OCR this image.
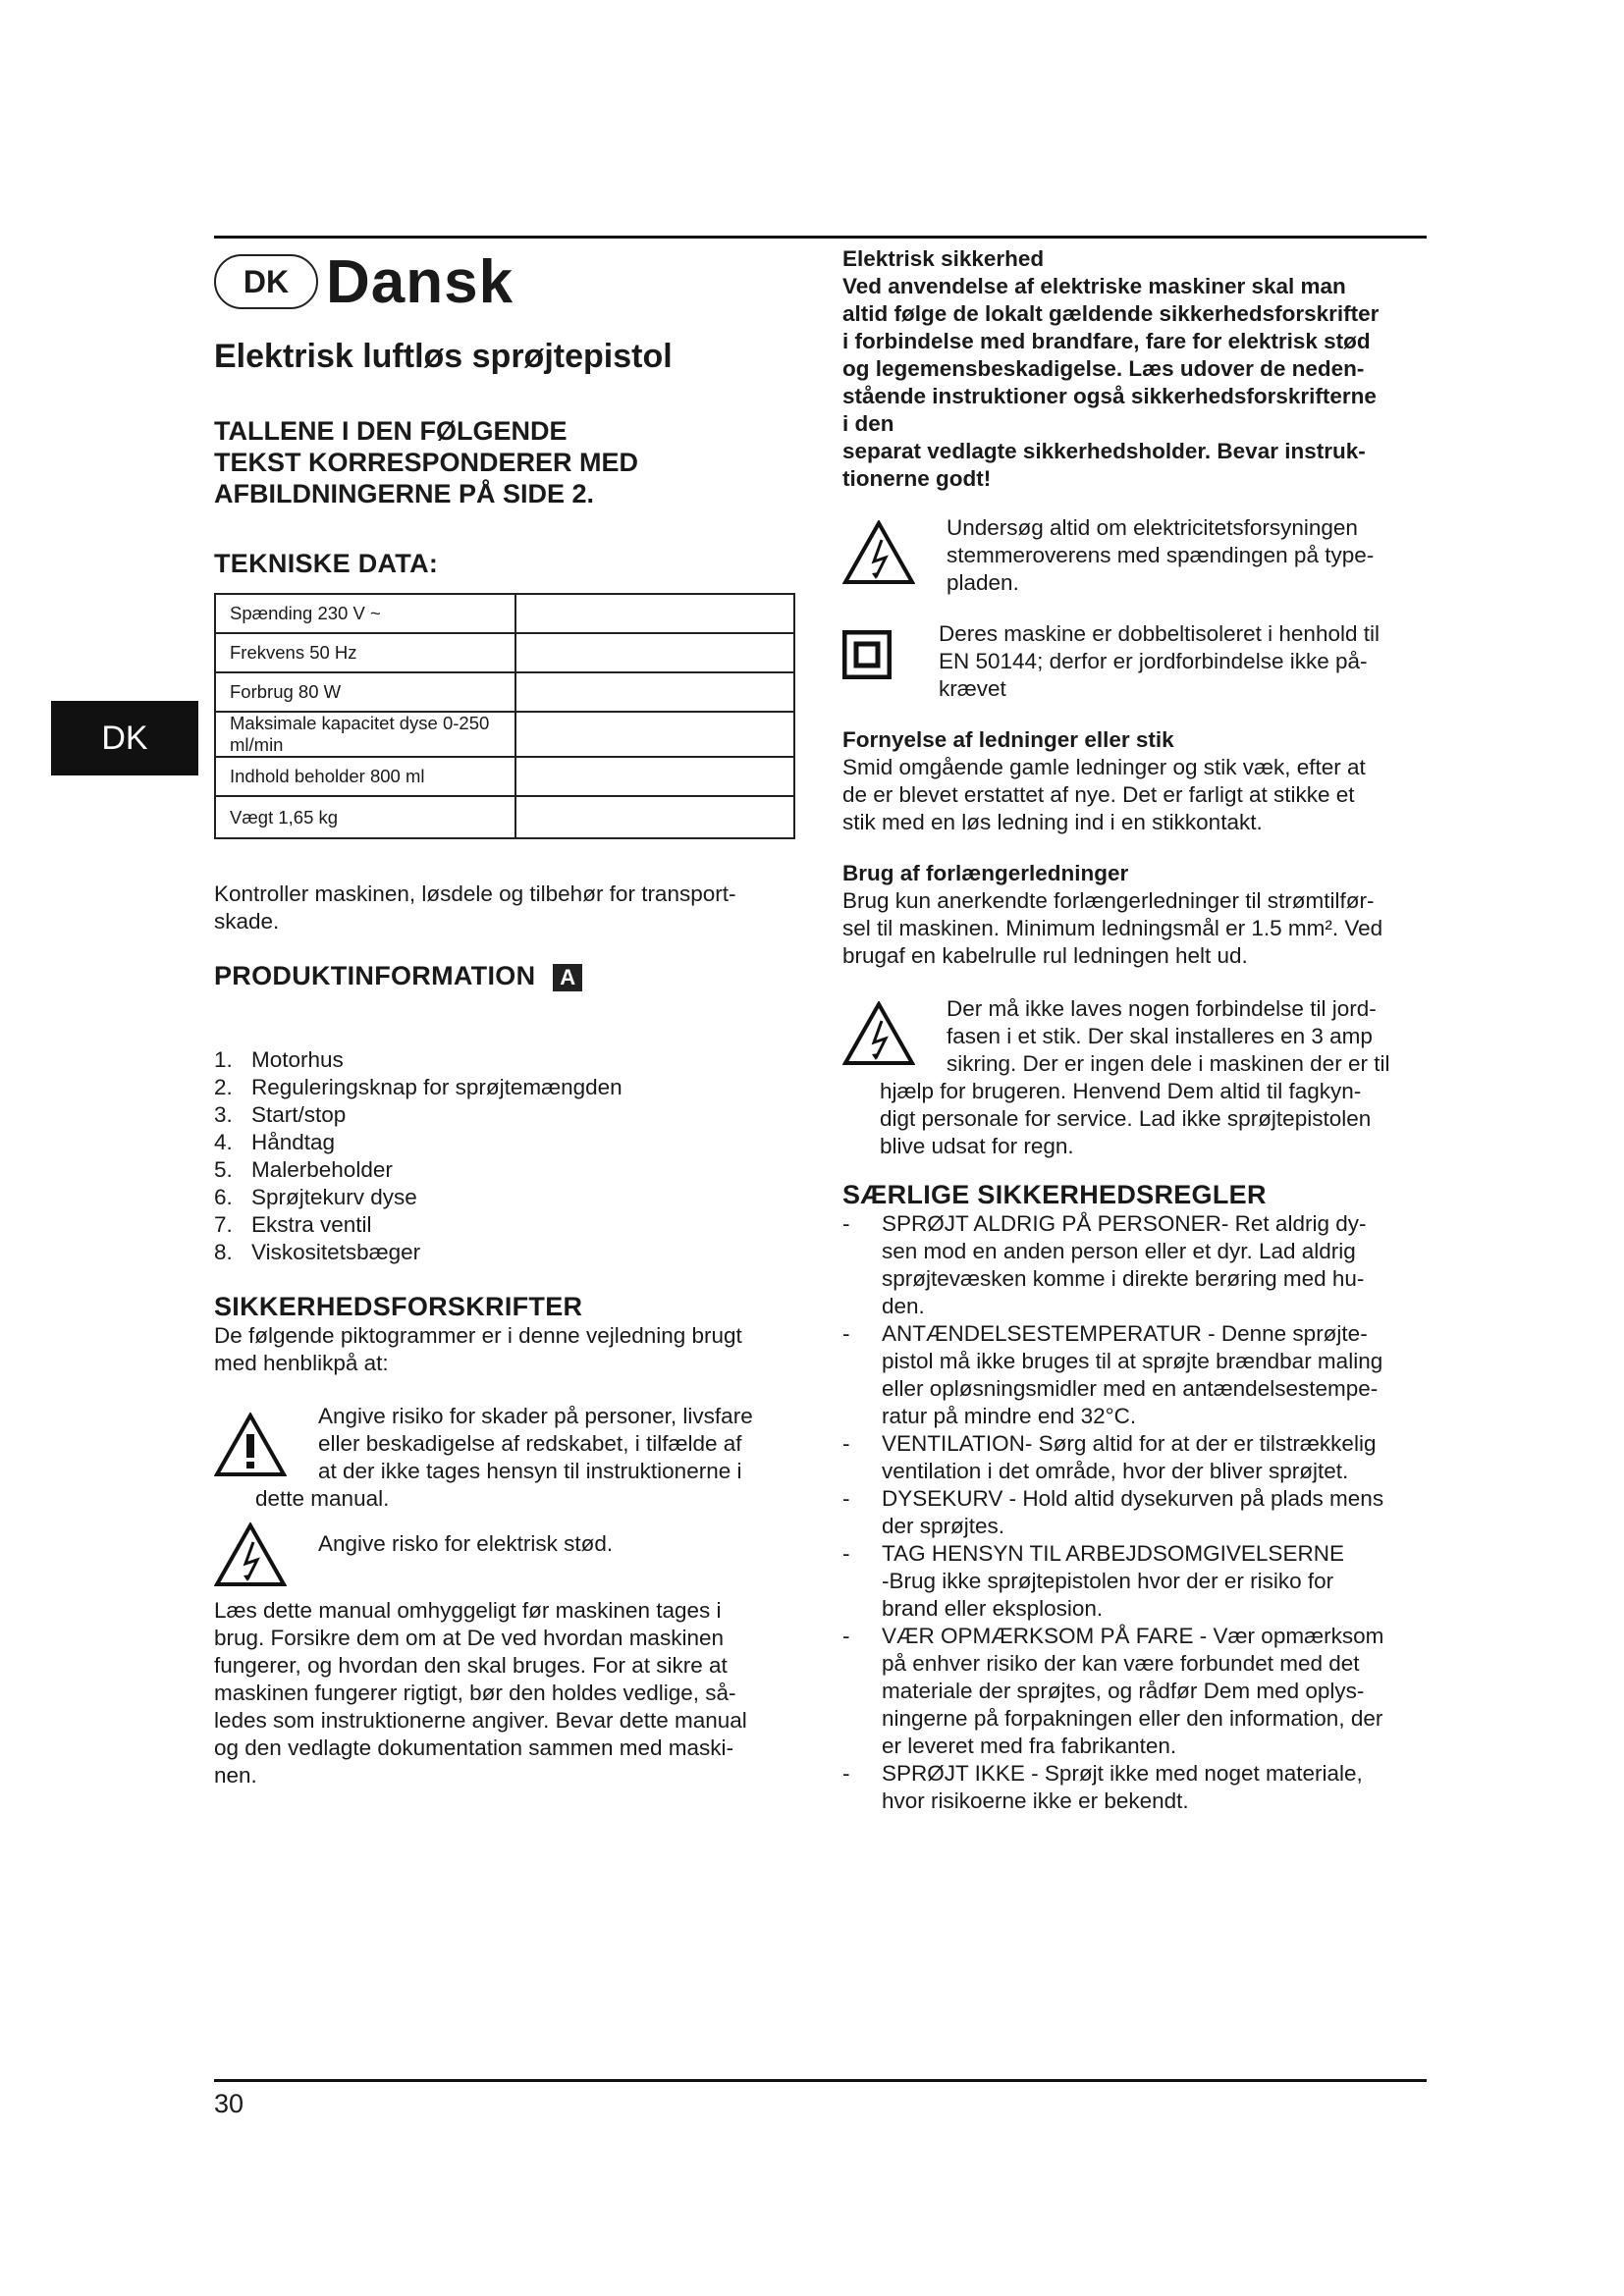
DK
DK Dansk
Elektrisk luftløs sprøjtepistol
TALLENE I DEN FØLGENDE
TEKST KORRESPONDERER MED
AFBILDNINGERNE PÅ SIDE 2.
TEKNISKE DATA:
Spænding 230 V ~	
Frekvens 50 Hz	
Forbrug 80 W	
Maksimale kapacitet dyse 0-250 ml/min	
Indhold beholder 800 ml	
Vægt 1,65 kg	
Kontroller maskinen, løsdele og tilbehør for transport-
skade.
PRODUKTINFORMATION A
1. Motorhus
2. Reguleringsknap for sprøjtemængden
3. Start/stop
4. Håndtag
5. Malerbeholder
6. Sprøjtekurv dyse
7. Ekstra ventil
8. Viskositetsbæger
SIKKERHEDSFORSKRIFTER
De følgende piktogrammer er i denne vejledning brugt
med henblikpå at:
Angive risiko for skader på personer, livsfare
eller beskadigelse af redskabet, i tilfælde af
at der ikke tages hensyn til instruktionerne i
dette manual.
Angive risko for elektrisk stød.
Læs dette manual omhyggeligt før maskinen tages i
brug. Forsikre dem om at De ved hvordan maskinen
fungerer, og hvordan den skal bruges. For at sikre at
maskinen fungerer rigtigt, bør den holdes vedlige, så-
ledes som instruktionerne angiver. Bevar dette manual
og den vedlagte dokumentation sammen med maski-
nen.
Elektrisk sikkerhed
Ved anvendelse af elektriske maskiner skal man
altid følge de lokalt gældende sikkerhedsforskrifter
i forbindelse med brandfare, fare for elektrisk stød
og legemensbeskadigelse. Læs udover de neden-
stående instruktioner også sikkerhedsforskrifterne
i den
separat vedlagte sikkerhedsholder. Bevar instruk-
tionerne godt!
Undersøg altid om elektricitetsforsyningen
stemmeroverens med spændingen på type-
pladen.
Deres maskine er dobbeltisoleret i henhold til
EN 50144; derfor er jordforbindelse ikke på-
krævet
Fornyelse af ledninger eller stik
Smid omgående gamle ledninger og stik væk, efter at
de er blevet erstattet af nye. Det er farligt at stikke et
stik med en løs ledning ind i en stikkontakt.
Brug af forlængerledninger
Brug kun anerkendte forlængerledninger til strømtilfør-
sel til maskinen. Minimum ledningsmål er 1.5 mm². Ved
brugaf en kabelrulle rul ledningen helt ud.
Der må ikke laves nogen forbindelse til jord-
fasen i et stik. Der skal installeres en 3 amp
sikring. Der er ingen dele i maskinen der er til
hjælp for brugeren. Henvend Dem altid til fagkyn-
digt personale for service. Lad ikke sprøjtepistolen
blive udsat for regn.
SÆRLIGE SIKKERHEDSREGLER
- SPRØJT ALDRIG PÅ PERSONER- Ret aldrig dy-
sen mod en anden person eller et dyr. Lad aldrig
sprøjtevæsken komme i direkte berøring med hu-
den.
- ANTÆNDELSESTEMPERATUR - Denne sprøjte-
pistol må ikke bruges til at sprøjte brændbar maling
eller opløsningsmidler med en antændelsestempe-
ratur på mindre end 32°C.
- VENTILATION- Sørg altid for at der er tilstrækkelig
ventilation i det område, hvor der bliver sprøjtet.
- DYSEKURV - Hold altid dysekurven på plads mens
der sprøjtes.
- TAG HENSYN TIL ARBEJDSOMGIVELSERNE
-Brug ikke sprøjtepistolen hvor der er risiko for
brand eller eksplosion.
- VÆR OPMÆRKSOM PÅ FARE - Vær opmærksom
på enhver risiko der kan være forbundet med det
materiale der sprøjtes, og rådfør Dem med oplys-
ningerne på forpakningen eller den information, der
er leveret med fra fabrikanten.
- SPRØJT IKKE - Sprøjt ikke med noget materiale,
hvor risikoerne ikke er bekendt.
30
